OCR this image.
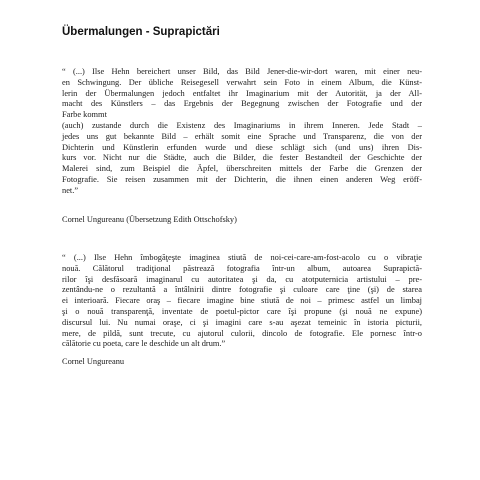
Übermalungen - Suprapictări
“ (...) Ilse Hehn bereichert unser Bild, das Bild Jener-die-wir-dort waren, mit einer neu-
en Schwingung. Der übliche Reisegesell verwahrt sein Foto in einem Album, die Künst-
lerin der Übermalungen jedoch entfaltet ihr Imaginarium mit der Autorität, ja der All-
macht des Künstlers – das Ergebnis der Begegnung zwischen der Fotografie und der
Farbe kommt
(auch) zustande durch die Existenz des Imaginariums in ihrem Inneren. Jede Stadt –
jedes uns gut bekannte Bild – erhält somit eine Sprache und Transparenz, die von der
Dichterin und Künstlerin erfunden wurde und diese schlägt sich (und uns) ihren Dis-
kurs vor. Nicht nur die Städte, auch die Bilder, die fester Bestandteil der Geschichte der
Malerei sind, zum Beispiel die Äpfel, überschreiten mittels der Farbe die Grenzen der
Fotografie. Sie reisen zusammen mit der Dichterin, die ihnen einen anderen Weg eröff-
net.”
Cornel Ungureanu (Übersetzung Edith Ottschofsky)
“ (...) Ilse Hehn îmbogăţeşte imaginea stiută de noi-cei-care-am-fost-acolo cu o vibraţie
nouă. Călătorul tradiţional păstrează fotografia într-un album, autoarea Suprapictă-
rilor îşi desfăsoară imaginarul cu autoritatea şi da, cu atotputernicia artistului – pre-
zentându-ne o rezultantă a întâlnirii dintre fotografie şi culoare care ţine (şi) de starea
ei interioară. Fiecare oraş – fiecare imagine bine stiută de noi – primesc astfel un limbaj
şi o nouă transparenţă, inventate de poetul-pictor care îşi propune (şi nouă ne expune)
discursul lui. Nu numai oraşe, ci şi imagini care s-au aşezat temeinic în istoria picturii,
mere, de pildă, sunt trecute, cu ajutorul culorii, dincolo de fotografie. Ele pornesc într-o
călătorie cu poeta, care le deschide un alt drum.”
Cornel Ungureanu
